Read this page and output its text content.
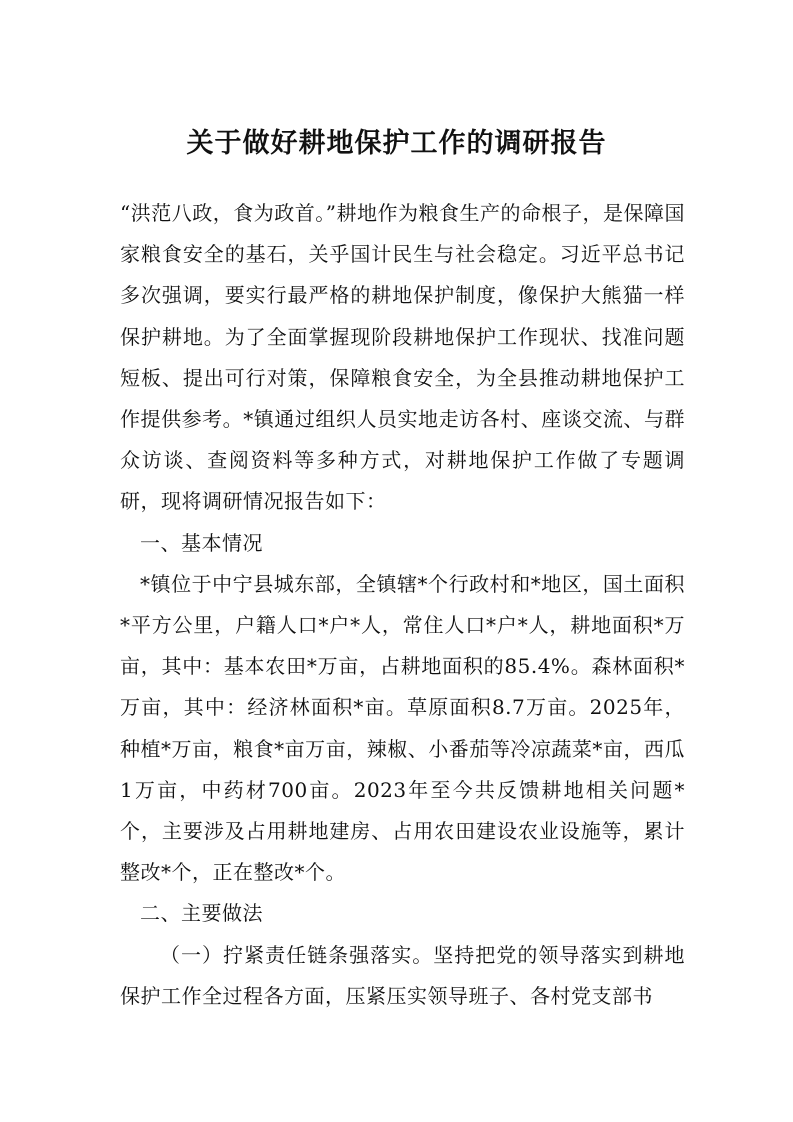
关于做好耕地保护工作的调研报告

“洪范八政，食为政首。”耕地作为粮食生产的命根子，是保障国家粮食安全的基石，关乎国计民生与社会稳定。习近平总书记多次强调，要实行最严格的耕地保护制度，像保护大熊猫一样保护耕地。为了全面掌握现阶段耕地保护工作现状、找准问题短板、提出可行对策，保障粮食安全，为全县推动耕地保护工作提供参考。*镇通过组织人员实地走访各村、座谈交流、与群众访谈、查阅资料等多种方式，对耕地保护工作做了专题调研，现将调研情况报告如下：

一、基本情况

*镇位于中宁县城东部，全镇辖*个行政村和*地区，国土面积*平方公里，户籍人口*户*人，常住人口*户*人，耕地面积*万亩，其中：基本农田*万亩，占耕地面积的85.4%。森林面积*万亩，其中：经济林面积*亩。草原面积8.7万亩。2025年，种植*万亩，粮食*亩万亩，辣椒、小番茄等冷凉蔬菜*亩，西瓜1万亩，中药材700亩。2023年至今共反馈耕地相关问题*个，主要涉及占用耕地建房、占用农田建设农业设施等，累计整改*个，正在整改*个。

二、主要做法

（一）拧紧责任链条强落实。坚持把党的领导落实到耕地保护工作全过程各方面，压紧压实领导班子、各村党支部书
